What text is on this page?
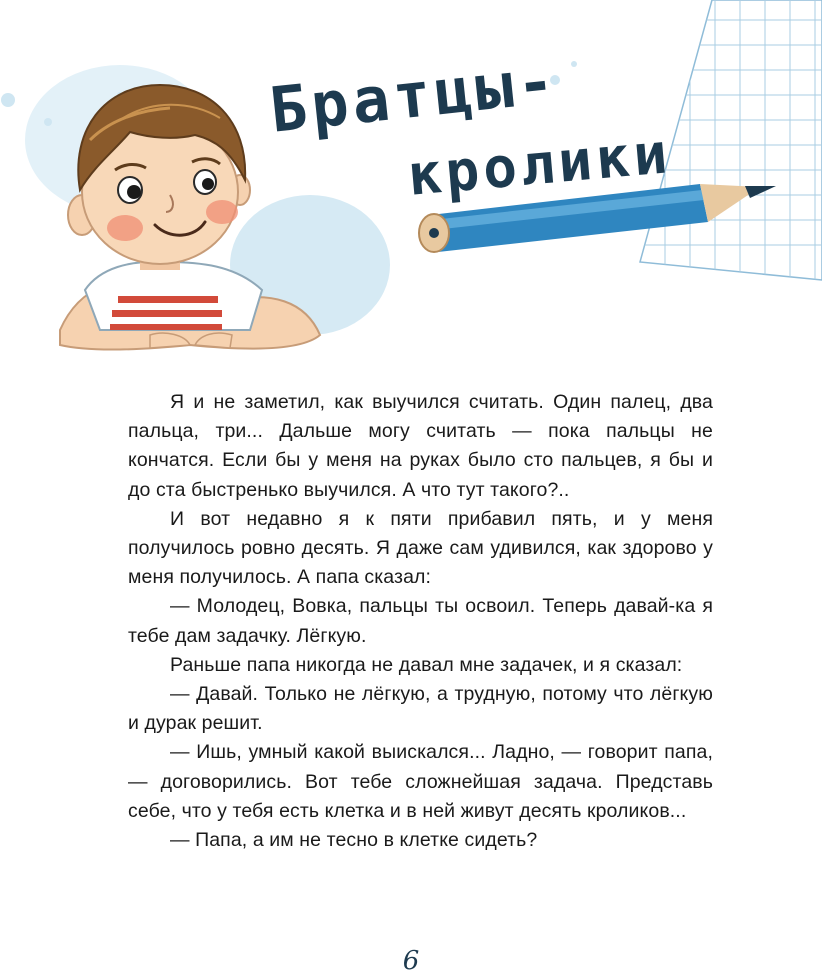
Братцы-
кролики

Я и не заметил, как выучился считать. Один палец, два пальца, три... Дальше могу считать — пока пальцы не кончатся. Если бы у меня на руках было сто пальцев, я бы и до ста быстренько выучился. А что тут такого?..

И вот недавно я к пяти прибавил пять, и у меня получилось ровно десять. Я даже сам удивился, как здорово у меня получилось. А папа сказал:

— Молодец, Вовка, пальцы ты освоил. Теперь давай-ка я тебе дам задачку. Лёгкую.

Раньше папа никогда не давал мне задачек, и я сказал:

— Давай. Только не лёгкую, а трудную, потому что лёгкую и дурак решит.

— Ишь, умный какой выискался... Ладно, — говорит папа, — договорились. Вот тебе сложнейшая задача. Представь себе, что у тебя есть клетка и в ней живут десять кроликов...

— Папа, а им не тесно в клетке сидеть?

6
